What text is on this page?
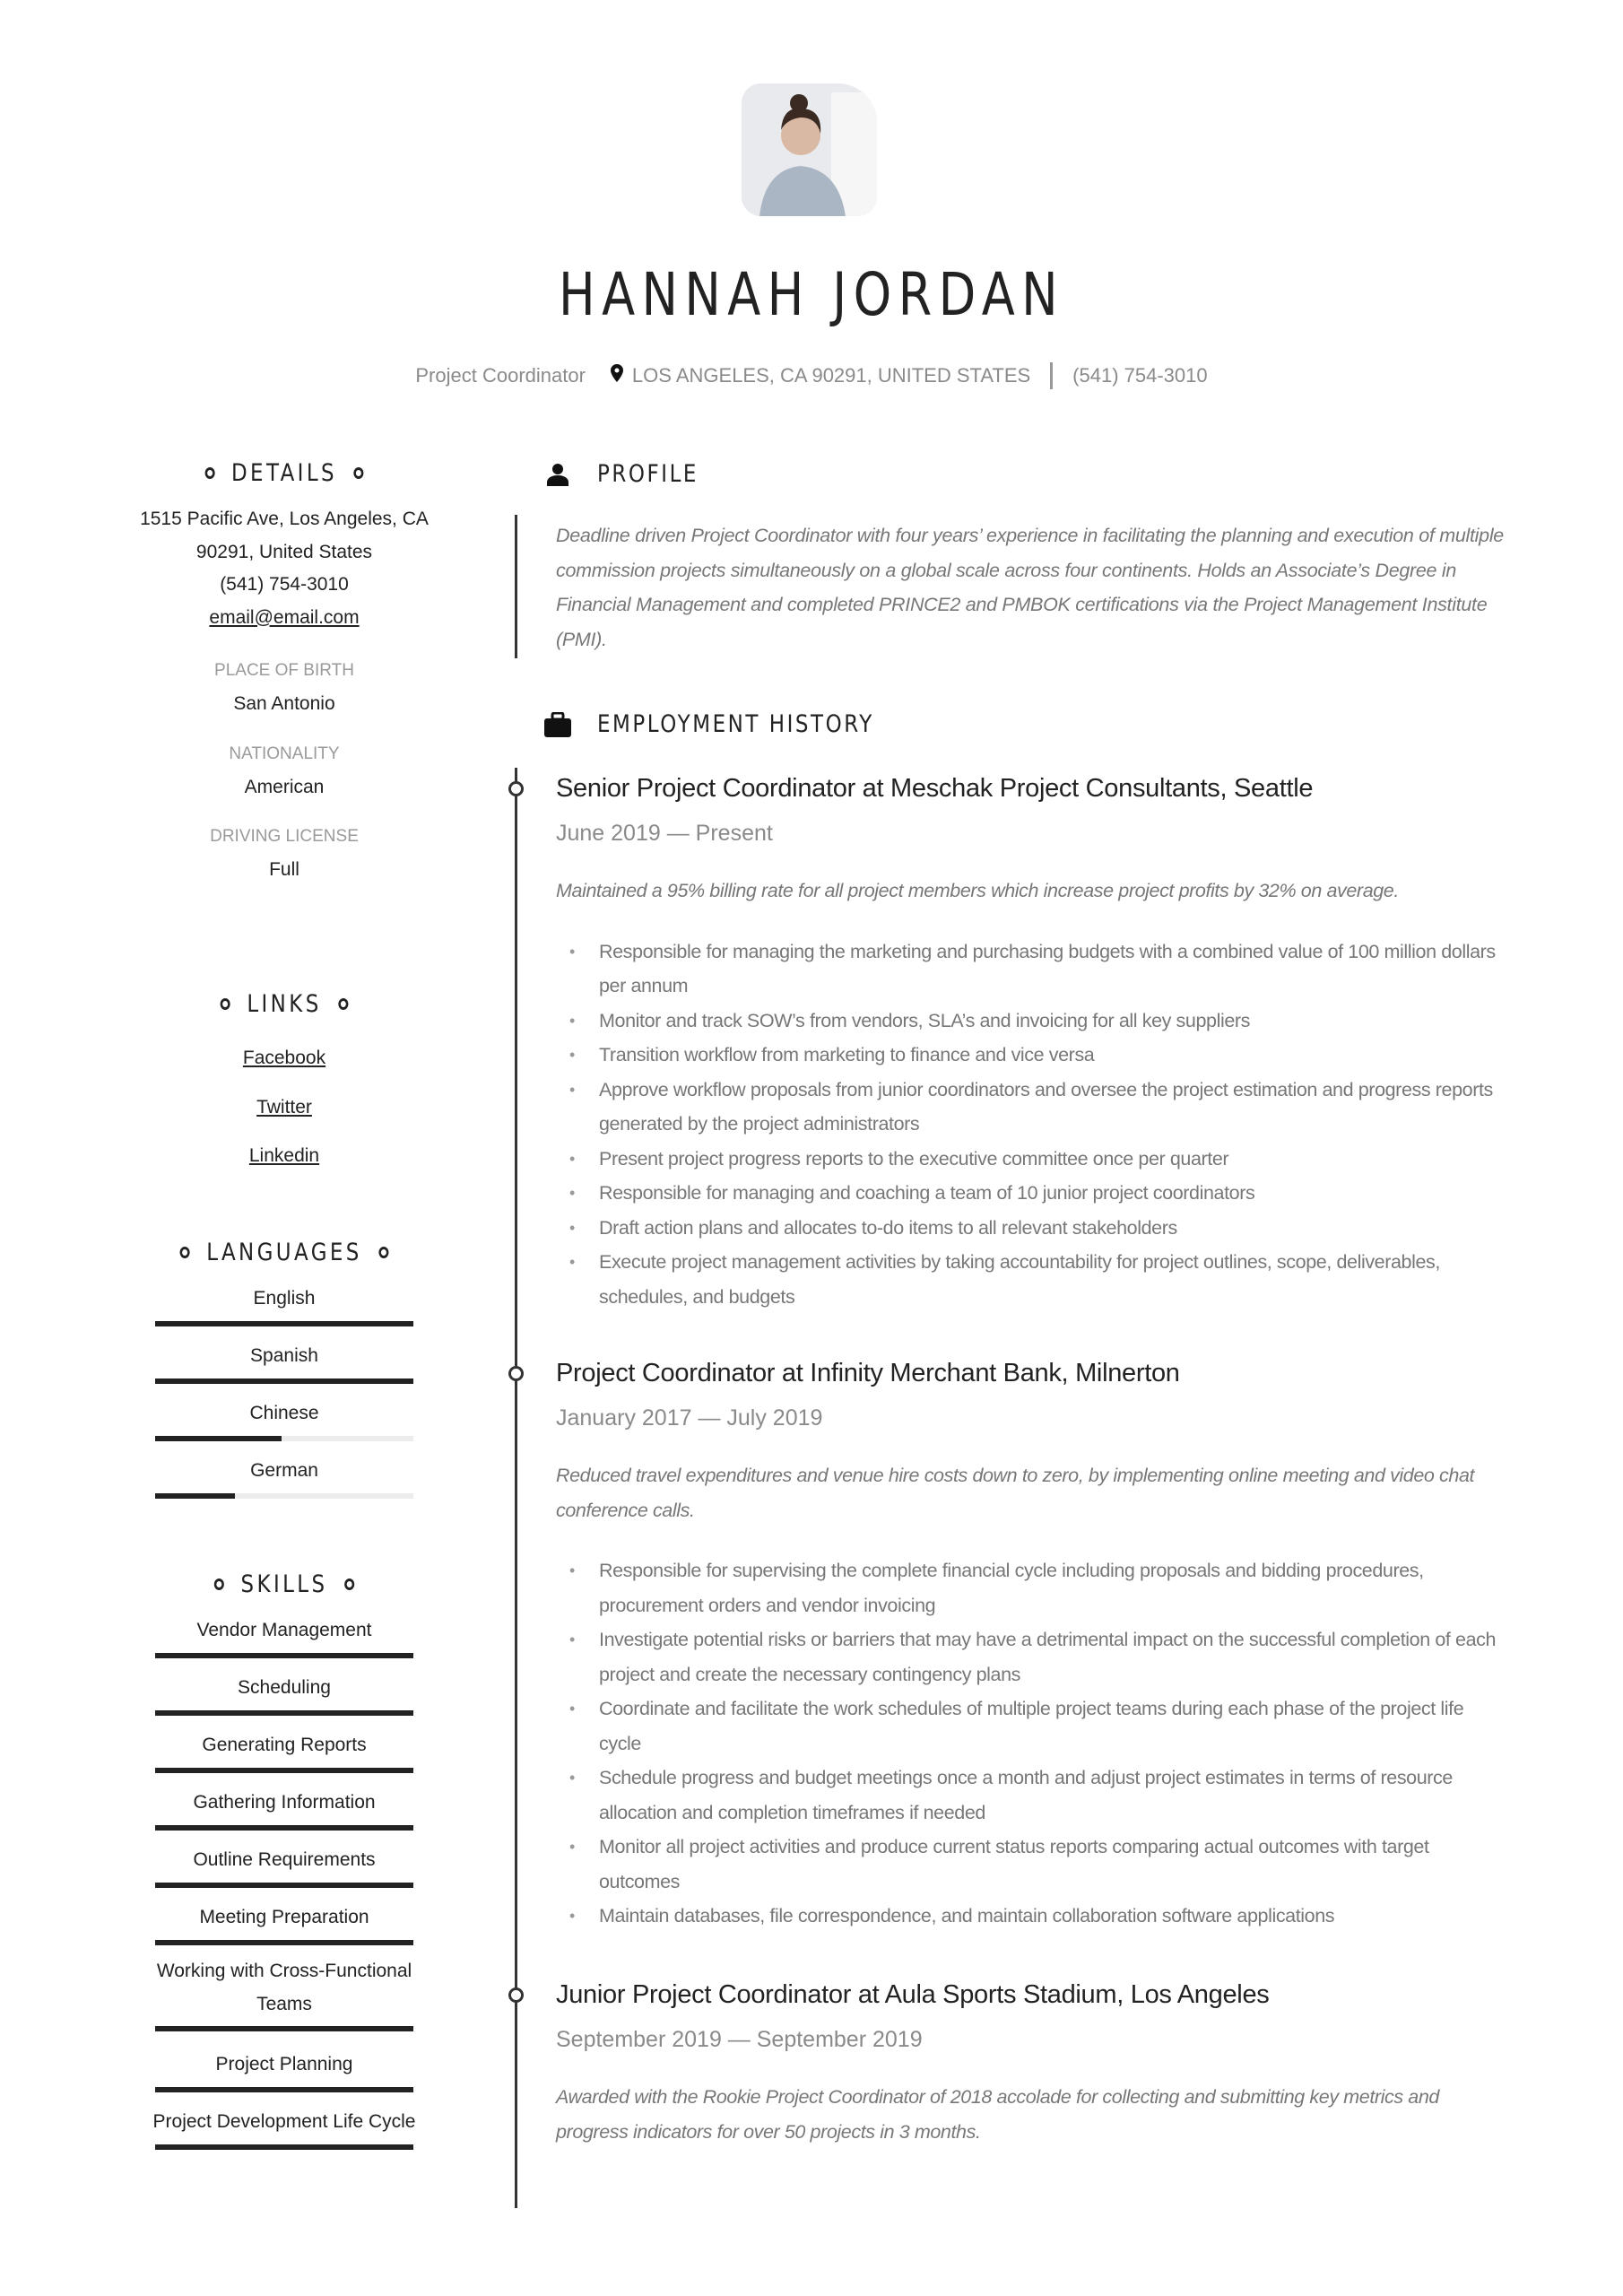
HANNAH JORDAN
Project Coordinator LOS ANGELES, CA 90291, UNITED STATES (541) 754-3010
DETAILS
1515 Pacific Ave, Los Angeles, CA
90291, United States
(541) 754-3010
email@email.com
PLACE OF BIRTH
San Antonio
NATIONALITY
American
DRIVING LICENSE
Full
LINKS
Facebook
Twitter
Linkedin
LANGUAGES
English
Spanish
Chinese
German
SKILLS
Vendor Management
Scheduling
Generating Reports
Gathering Information
Outline Requirements
Meeting Preparation
Working with Cross-Functional Teams
Project Planning
Project Development Life Cycle
PROFILE
Deadline driven Project Coordinator with four years’ experience in facilitating the planning and execution of multiple commission projects simultaneously on a global scale across four continents. Holds an Associate’s Degree in Financial Management and completed PRINCE2 and PMBOK certifications via the Project Management Institute (PMI).
EMPLOYMENT HISTORY
Senior Project Coordinator at Meschak Project Consultants, Seattle
June 2019 — Present
Maintained a 95% billing rate for all project members which increase project profits by 32% on average.
• Responsible for managing the marketing and purchasing budgets with a combined value of 100 million dollars per annum
• Monitor and track SOW’s from vendors, SLA’s and invoicing for all key suppliers
• Transition workflow from marketing to finance and vice versa
• Approve workflow proposals from junior coordinators and oversee the project estimation and progress reports generated by the project administrators
• Present project progress reports to the executive committee once per quarter
• Responsible for managing and coaching a team of 10 junior project coordinators
• Draft action plans and allocates to-do items to all relevant stakeholders
• Execute project management activities by taking accountability for project outlines, scope, deliverables, schedules, and budgets
Project Coordinator at Infinity Merchant Bank, Milnerton
January 2017 — July 2019
Reduced travel expenditures and venue hire costs down to zero, by implementing online meeting and video chat conference calls.
• Responsible for supervising the complete financial cycle including proposals and bidding procedures, procurement orders and vendor invoicing
• Investigate potential risks or barriers that may have a detrimental impact on the successful completion of each project and create the necessary contingency plans
• Coordinate and facilitate the work schedules of multiple project teams during each phase of the project life cycle
• Schedule progress and budget meetings once a month and adjust project estimates in terms of resource allocation and completion timeframes if needed
• Monitor all project activities and produce current status reports comparing actual outcomes with target outcomes
• Maintain databases, file correspondence, and maintain collaboration software applications
Junior Project Coordinator at Aula Sports Stadium, Los Angeles
September 2019 — September 2019
Awarded with the Rookie Project Coordinator of 2018 accolade for collecting and submitting key metrics and progress indicators for over 50 projects in 3 months.
